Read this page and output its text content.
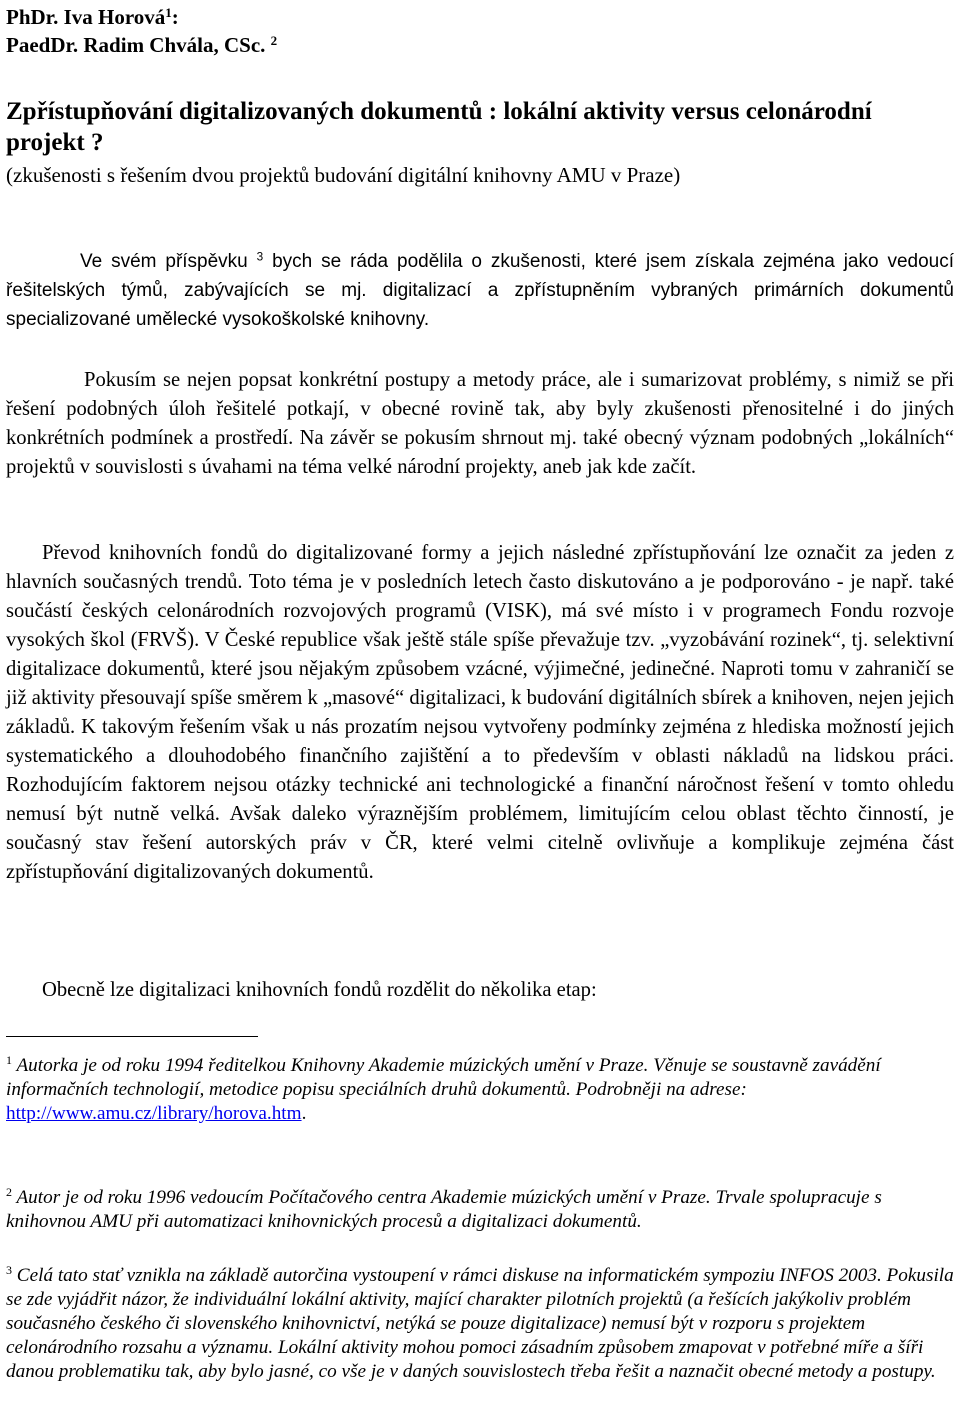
PhDr. Iva Horová$^1$:
PaedDr. Radim Chvála, CSc. $^2$
Zpřístupňování digitalizovaných dokumentů : lokální aktivity versus celonárodní projekt ?
(zkušenosti s řešením dvou projektů budování digitální knihovny AMU v Praze)
Ve svém příspěvku $^3$ bych se ráda podělila o zkušenosti, které jsem získala zejména jako vedoucí řešitelských týmů, zabývajících se mj. digitalizací a zpřístupněním vybraných primárních dokumentů specializované umělecké vysokoškolské knihovny.
Pokusím se nejen popsat konkrétní postupy a metody práce, ale i sumarizovat problémy, s nimiž se při řešení podobných úloh řešitelé potkají, v obecné rovině tak, aby byly zkušenosti přenositelné i do jiných konkrétních podmínek a prostředí. Na závěr se pokusím shrnout mj. také obecný význam podobných „lokálních“ projektů v souvislosti s úvahami na téma velké národní projekty, aneb jak kde začít.
Převod knihovních fondů do digitalizované formy a jejich následné zpřístupňování lze označit za jeden z hlavních současných trendů. Toto téma je v posledních letech často diskutováno a je podporováno - je např. také součástí českých celonárodních rozvojových programů (VISK), má své místo i v programech Fondu rozvoje vysokých škol (FRVŠ). V České republice však ještě stále spíše převažuje tzv. „vyzobávání rozinek“, tj. selektivní digitalizace dokumentů, které jsou nějakým způsobem vzácné, výjimečné, jedinečné. Naproti tomu v zahraničí se již aktivity přesouvají spíše směrem k „masové“ digitalizaci, k budování digitálních sbírek a knihoven, nejen jejich základů. K takovým řešením však u nás prozatím nejsou vytvořeny podmínky zejména z hlediska možností jejich systematického a dlouhodobého finančního zajištění a to především v oblasti nákladů na lidskou práci. Rozhodujícím faktorem nejsou otázky technické ani technologické a finanční náročnost řešení v tomto ohledu nemusí být nutně velká. Avšak daleko výraznějším problémem, limitujícím celou oblast těchto činností, je současný stav řešení autorských práv v ČR, které velmi citelně ovlivňuje a komplikuje zejména část zpřístupňování digitalizovaných dokumentů.
Obecně lze digitalizaci knihovních fondů rozdělit do několika etap:
$^1$ Autorka je od roku 1994 ředitelkou Knihovny Akademie múzických umění v Praze. Věnuje se soustavně zavádění informačních technologií, metodice popisu speciálních druhů dokumentů. Podrobněji na adrese:
http://www.amu.cz/library/horova.htm.
$^2$ Autor je od roku 1996 vedoucím Počítačového centra Akademie múzických umění v Praze. Trvale spolupracuje s knihovnou AMU při automatizaci knihovnických procesů a digitalizaci dokumentů.
$^3$ Celá tato stať vznikla na základě autorčina vystoupení v rámci diskuse na informatickém sympoziu INFOS 2003. Pokusila se zde vyjádřit názor, že individuální lokální aktivity, mající charakter pilotních projektů (a řešících jakýkoliv problém současného českého či slovenského knihovnictví, netýká se pouze digitalizace) nemusí být v rozporu s projektem celonárodního rozsahu a významu. Lokální aktivity mohou pomoci zásadním způsobem zmapovat v potřebné míře a šíři danou problematiku tak, aby bylo jasné, co vše je v daných souvislostech třeba řešit a naznačit obecné metody a postupy.
